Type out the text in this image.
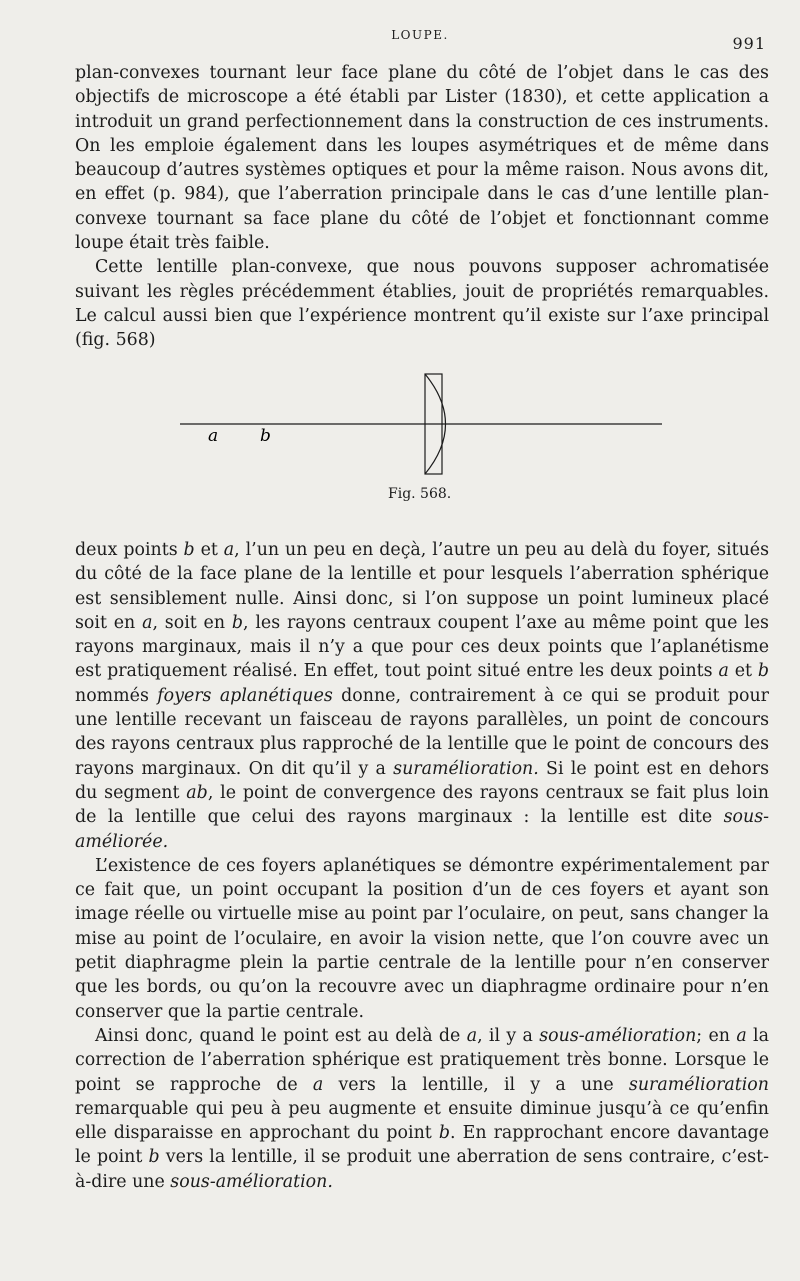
LOUPE.	991

plan-convexes tournant leur face plane du côté de l’objet dans le cas des objectifs de microscope a été établi par Lister (1830), et cette application a introduit un grand perfectionnement dans la construction de ces instruments. On les emploie également dans les loupes asymétriques et de même dans beaucoup d’autres systèmes optiques et pour la même raison. Nous avons dit, en effet (p. 984), que l’aberration principale dans le cas d’une lentille plan-convexe tournant sa face plane du côté de l’objet et fonctionnant comme loupe était très faible.

Cette lentille plan-convexe, que nous pouvons supposer achromatisée suivant les règles précédemment établies, jouit de propriétés remarquables. Le calcul aussi bien que l’expérience montrent qu’il existe sur l’axe principal (fig. 568)

a b
Fig. 568.

deux points b et a, l’un un peu en deçà, l’autre un peu au delà du foyer, situés du côté de la face plane de la lentille et pour lesquels l’aberration sphérique est sensiblement nulle. Ainsi donc, si l’on suppose un point lumineux placé soit en a, soit en b, les rayons centraux coupent l’axe au même point que les rayons marginaux, mais il n’y a que pour ces deux points que l’aplanétisme est pratiquement réalisé. En effet, tout point situé entre les deux points a et b nommés foyers aplanétiques donne, contrairement à ce qui se produit pour une lentille recevant un faisceau de rayons parallèles, un point de concours des rayons centraux plus rapproché de la lentille que le point de concours des rayons marginaux. On dit qu’il y a suramélioration. Si le point est en dehors du segment ab, le point de convergence des rayons centraux se fait plus loin de la lentille que celui des rayons marginaux : la lentille est dite sous-améliorée.

L’existence de ces foyers aplanétiques se démontre expérimentalement par ce fait que, un point occupant la position d’un de ces foyers et ayant son image réelle ou virtuelle mise au point par l’oculaire, on peut, sans changer la mise au point de l’oculaire, en avoir la vision nette, que l’on couvre avec un petit diaphragme plein la partie centrale de la lentille pour n’en conserver que les bords, ou qu’on la recouvre avec un diaphragme ordinaire pour n’en conserver que la partie centrale.

Ainsi donc, quand le point est au delà de a, il y a sous-amélioration; en a la correction de l’aberration sphérique est pratiquement très bonne. Lorsque le point se rapproche de a vers la lentille, il y a une suramélioration remarquable qui peu à peu augmente et ensuite diminue jusqu’à ce qu’enfin elle disparaisse en approchant du point b. En rapprochant encore davantage le point b vers la lentille, il se produit une aberration de sens contraire, c’est-à-dire une sous-amélioration.
